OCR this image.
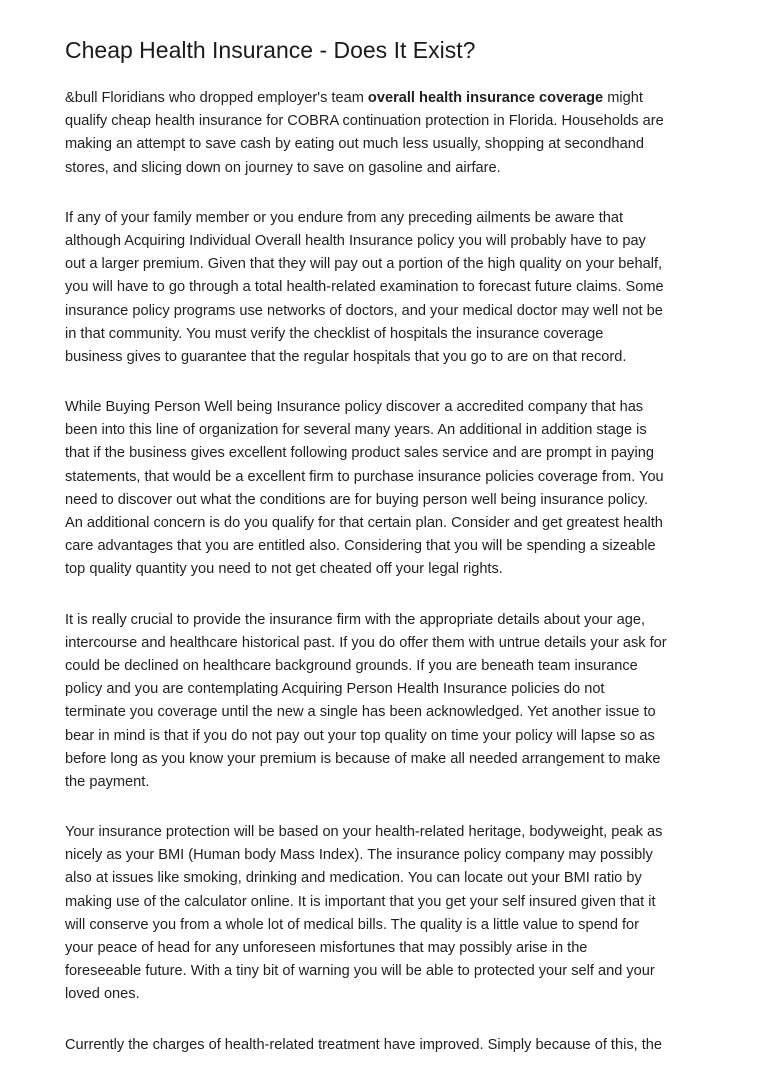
Cheap Health Insurance - Does It Exist?

&bull Floridians who dropped employer's team overall health insurance coverage might
qualify cheap health insurance for COBRA continuation protection in Florida. Households are
making an attempt to save cash by eating out much less usually, shopping at secondhand
stores, and slicing down on journey to save on gasoline and airfare.

If any of your family member or you endure from any preceding ailments be aware that
although Acquiring Individual Overall health Insurance policy you will probably have to pay
out a larger premium. Given that they will pay out a portion of the high quality on your behalf,
you will have to go through a total health-related examination to forecast future claims. Some
insurance policy programs use networks of doctors, and your medical doctor may well not be
in that community. You must verify the checklist of hospitals the insurance coverage
business gives to guarantee that the regular hospitals that you go to are on that record.

While Buying Person Well being Insurance policy discover a accredited company that has
been into this line of organization for several many years. An additional in addition stage is
that if the business gives excellent following product sales service and are prompt in paying
statements, that would be a excellent firm to purchase insurance policies coverage from. You
need to discover out what the conditions are for buying person well being insurance policy.
An additional concern is do you qualify for that certain plan. Consider and get greatest health
care advantages that you are entitled also. Considering that you will be spending a sizeable
top quality quantity you need to not get cheated off your legal rights.

It is really crucial to provide the insurance firm with the appropriate details about your age,
intercourse and healthcare historical past. If you do offer them with untrue details your ask for
could be declined on healthcare background grounds. If you are beneath team insurance
policy and you are contemplating Acquiring Person Health Insurance policies do not
terminate you coverage until the new a single has been acknowledged. Yet another issue to
bear in mind is that if you do not pay out your top quality on time your policy will lapse so as
before long as you know your premium is because of make all needed arrangement to make
the payment.

Your insurance protection will be based on your health-related heritage, bodyweight, peak as
nicely as your BMI (Human body Mass Index). The insurance policy company may possibly
also at issues like smoking, drinking and medication. You can locate out your BMI ratio by
making use of the calculator online. It is important that you get your self insured given that it
will conserve you from a whole lot of medical bills. The quality is a little value to spend for
your peace of head for any unforeseen misfortunes that may possibly arise in the
foreseeable future. With a tiny bit of warning you will be able to protected your self and your
loved ones.

Currently the charges of health-related treatment have improved. Simply because of this, the
